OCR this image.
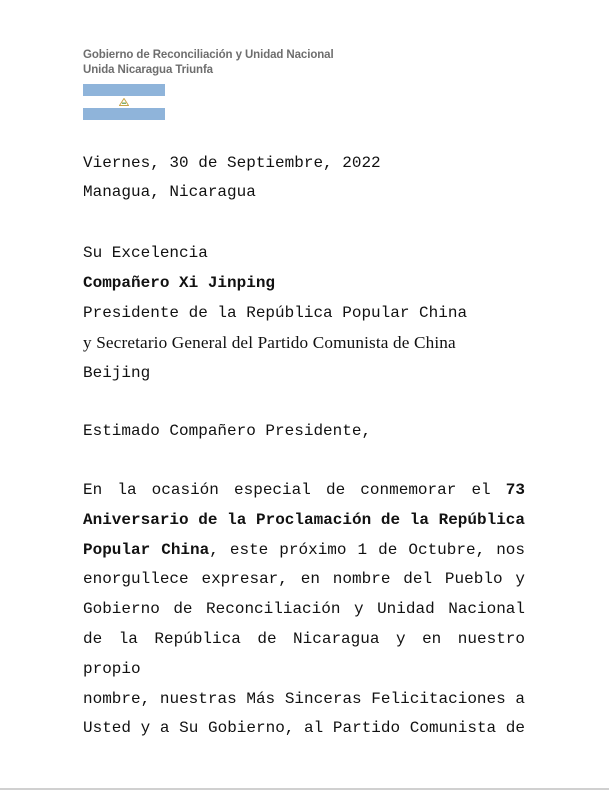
Gobierno de Reconciliación y Unidad Nacional
Unida Nicaragua Triunfa
Viernes, 30 de Septiembre, 2022
Managua, Nicaragua
Su Excelencia
Compañero Xi Jinping
Presidente de la República Popular China
y Secretario General del Partido Comunista de China
Beijing
Estimado Compañero Presidente,
En la ocasión especial de conmemorar el 73
Aniversario de la Proclamación de la República
Popular China, este próximo 1 de Octubre, nos
enorgullece expresar, en nombre del Pueblo y
Gobierno de Reconciliación y Unidad Nacional
de la República de Nicaragua y en nuestro propio
nombre, nuestras Más Sinceras Felicitaciones a
Usted y a Su Gobierno, al Partido Comunista de
